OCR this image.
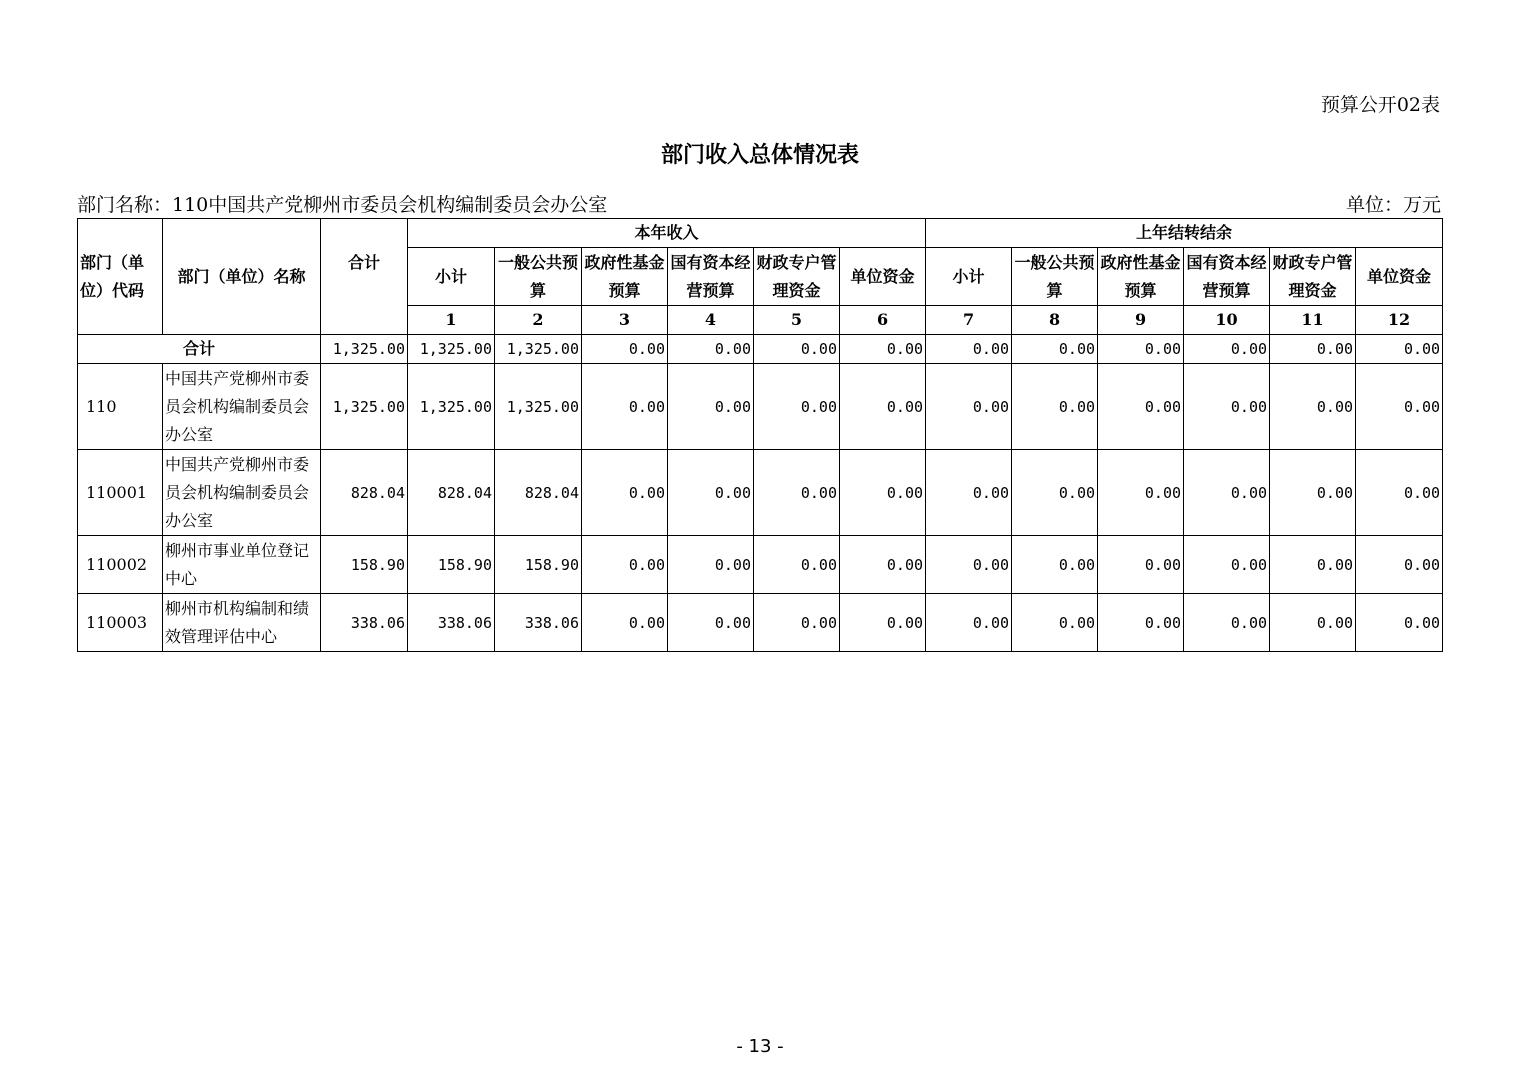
预算公开02表
部门收入总体情况表
部门名称：110中国共产党柳州市委员会机构编制委员会办公室	单位：万元
部门（单位）代码	部门（单位）名称	合计	本年收入						上年结转结余					
			小计	一般公共预算	政府性基金预算	国有资本经营预算	财政专户管理资金	单位资金	小计	一般公共预算	政府性基金预算	国有资本经营预算	财政专户管理资金	单位资金
			1	2	3	4	5	6	7	8	9	10	11	12
合计		1,325.00	1,325.00	1,325.00	0.00	0.00	0.00	0.00	0.00	0.00	0.00	0.00	0.00	0.00
110	中国共产党柳州市委员会机构编制委员会办公室	1,325.00	1,325.00	1,325.00	0.00	0.00	0.00	0.00	0.00	0.00	0.00	0.00	0.00	0.00
110001	中国共产党柳州市委员会机构编制委员会办公室	828.04	828.04	828.04	0.00	0.00	0.00	0.00	0.00	0.00	0.00	0.00	0.00	0.00
110002	柳州市事业单位登记中心	158.90	158.90	158.90	0.00	0.00	0.00	0.00	0.00	0.00	0.00	0.00	0.00	0.00
110003	柳州市机构编制和绩效管理评估中心	338.06	338.06	338.06	0.00	0.00	0.00	0.00	0.00	0.00	0.00	0.00	0.00	0.00
- 13 -
